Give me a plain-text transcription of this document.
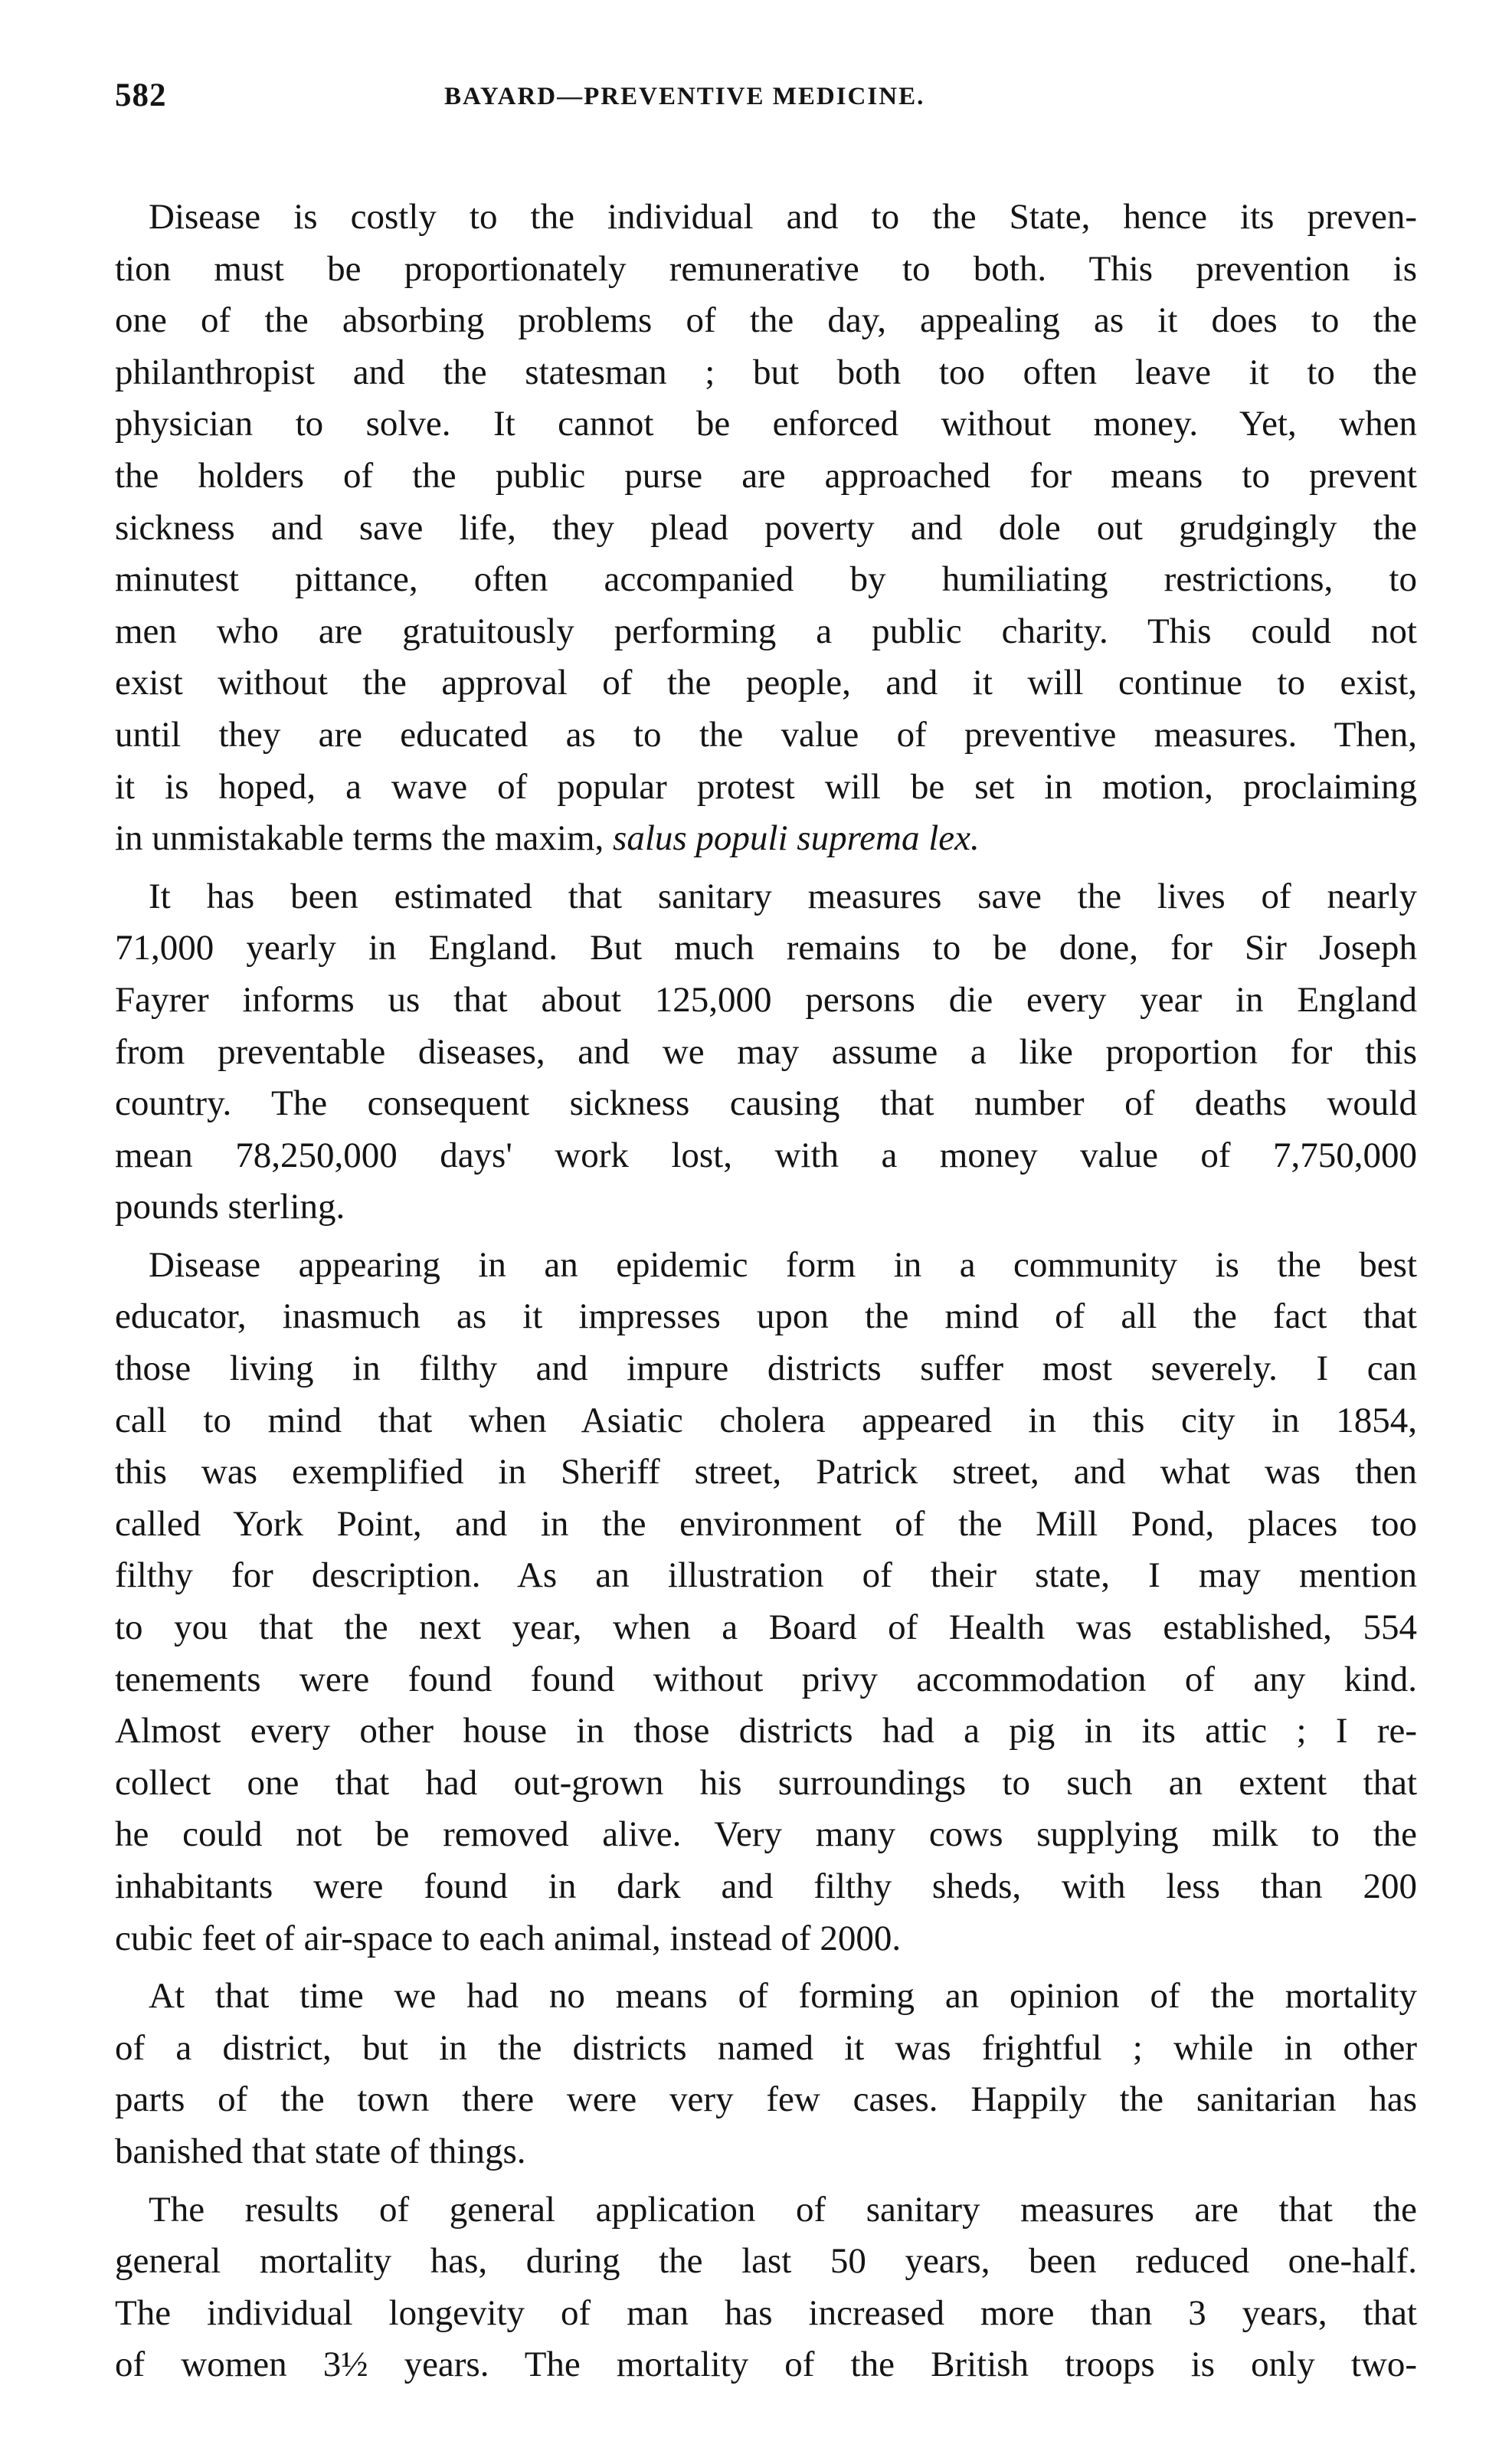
582	BAYARD—PREVENTIVE MEDICINE.
Disease is costly to the individual and to the State, hence its preven-
tion must be proportionately remunerative to both. This prevention is
one of the absorbing problems of the day, appealing as it does to the
philanthropist and the statesman ; but both too often leave it to the
physician to solve. It cannot be enforced without money. Yet, when
the holders of the public purse are approached for means to prevent
sickness and save life, they plead poverty and dole out grudgingly the
minutest pittance, often accompanied by humiliating restrictions, to
men who are gratuitously performing a public charity. This could not
exist without the approval of the people, and it will continue to exist,
until they are educated as to the value of preventive measures. Then,
it is hoped, a wave of popular protest will be set in motion, proclaiming
in unmistakable terms the maxim, salus populi suprema lex.
It has been estimated that sanitary measures save the lives of nearly
71,000 yearly in England. But much remains to be done, for Sir Joseph
Fayrer informs us that about 125,000 persons die every year in England
from preventable diseases, and we may assume a like proportion for this
country. The consequent sickness causing that number of deaths would
mean 78,250,000 days' work lost, with a money value of 7,750,000
pounds sterling.
Disease appearing in an epidemic form in a community is the best
educator, inasmuch as it impresses upon the mind of all the fact that
those living in filthy and impure districts suffer most severely. I can
call to mind that when Asiatic cholera appeared in this city in 1854,
this was exemplified in Sheriff street, Patrick street, and what was then
called York Point, and in the environment of the Mill Pond, places too
filthy for description. As an illustration of their state, I may mention
to you that the next year, when a Board of Health was established, 554
tenements were found found without privy accommodation of any kind.
Almost every other house in those districts had a pig in its attic ; I re-
collect one that had out-grown his surroundings to such an extent that
he could not be removed alive. Very many cows supplying milk to the
inhabitants were found in dark and filthy sheds, with less than 200
cubic feet of air-space to each animal, instead of 2000.
At that time we had no means of forming an opinion of the mortality
of a district, but in the districts named it was frightful ; while in other
parts of the town there were very few cases. Happily the sanitarian has
banished that state of things.
The results of general application of sanitary measures are that the
general mortality has, during the last 50 years, been reduced one-half.
The individual longevity of man has increased more than 3 years, that
of women 3½ years. The mortality of the British troops is only two-
